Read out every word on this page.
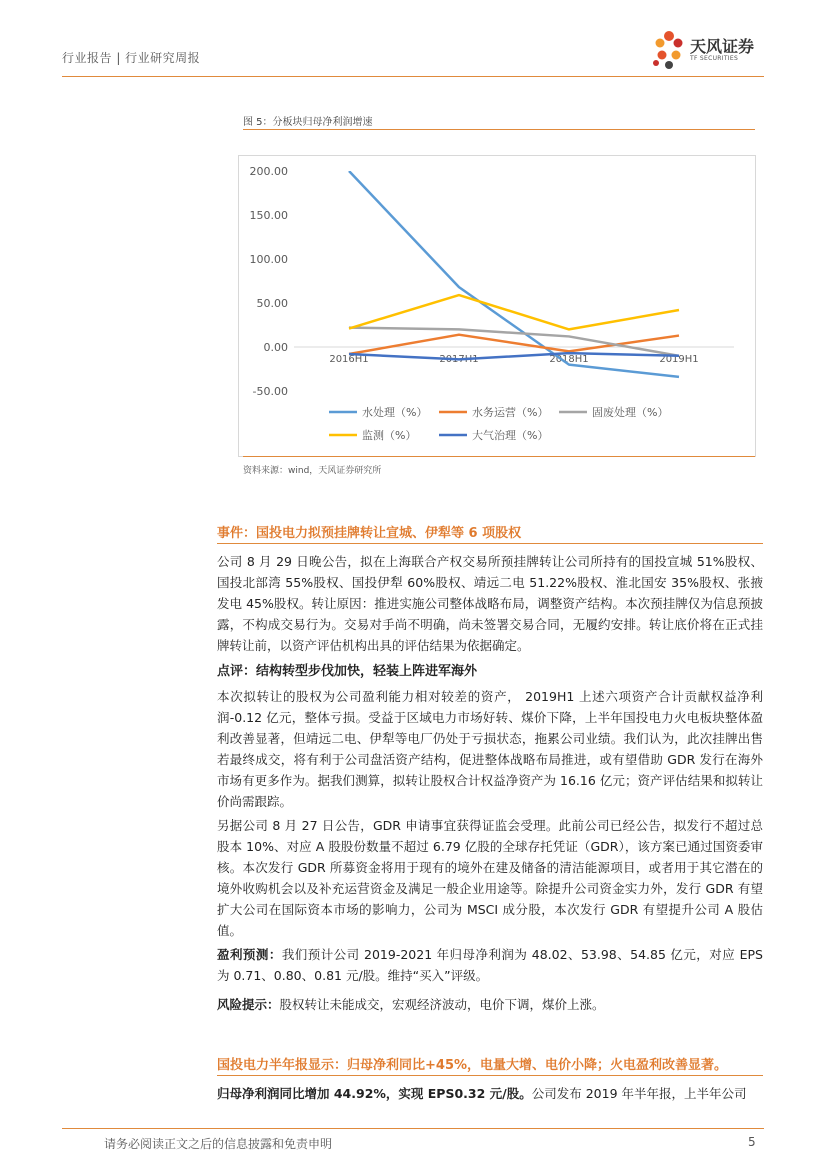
行业报告 | 行业研究周报
天风证券
TF SECURITIES
图 5：分板块归母净利润增速
200.00
150.00
100.00
50.00
0.00
-50.00
2016H1	2017H1	2018H1	2019H1
水处理（%）	水务运营（%）	固废处理（%）
监测（%）	大气治理（%）
资料来源：wind，天风证券研究所
事件：国投电力拟预挂牌转让宣城、伊犁等 6 项股权
公司 8 月 29 日晚公告，拟在上海联合产权交易所预挂牌转让公司所持有的国投宣城 51%股权、国投北部湾 55%股权、国投伊犁 60%股权、靖远二电 51.22%股权、淮北国安 35%股权、张掖发电 45%股权。转让原因：推进实施公司整体战略布局，调整资产结构。本次预挂牌仅为信息预披露，不构成交易行为。交易对手尚不明确，尚未签署交易合同，无履约安排。转让底价将在正式挂牌转让前，以资产评估机构出具的评估结果为依据确定。
点评：结构转型步伐加快，轻装上阵进军海外
本次拟转让的股权为公司盈利能力相对较差的资产， 2019H1 上述六项资产合计贡献权益净利润-0.12 亿元，整体亏损。受益于区域电力市场好转、煤价下降，上半年国投电力火电板块整体盈利改善显著，但靖远二电、伊犁等电厂仍处于亏损状态，拖累公司业绩。我们认为，此次挂牌出售若最终成交，将有利于公司盘活资产结构，促进整体战略布局推进，或有望借助 GDR 发行在海外市场有更多作为。据我们测算，拟转让股权合计权益净资产为 16.16 亿元；资产评估结果和拟转让价尚需跟踪。
另据公司 8 月 27 日公告，GDR 申请事宜获得证监会受理。此前公司已经公告，拟发行不超过总股本 10%、对应 A 股股份数量不超过 6.79 亿股的全球存托凭证（GDR），该方案已通过国资委审核。本次发行 GDR 所募资金将用于现有的境外在建及储备的清洁能源项目，或者用于其它潜在的境外收购机会以及补充运营资金及满足一般企业用途等。除提升公司资金实力外，发行 GDR 有望扩大公司在国际资本市场的影响力，公司为 MSCI 成分股，本次发行 GDR 有望提升公司 A 股估值。
盈利预测：我们预计公司 2019-2021 年归母净利润为 48.02、53.98、54.85 亿元，对应 EPS 为 0.71、0.80、0.81 元/股。维持“买入”评级。
风险提示：股权转让未能成交，宏观经济波动，电价下调，煤价上涨。
国投电力半年报显示：归母净利同比+45%，电量大增、电价小降；火电盈利改善显著。
归母净利润同比增加 44.92%，实现 EPS0.32 元/股。公司发布 2019 年半年报，上半年公司
请务必阅读正文之后的信息披露和免责申明	5
